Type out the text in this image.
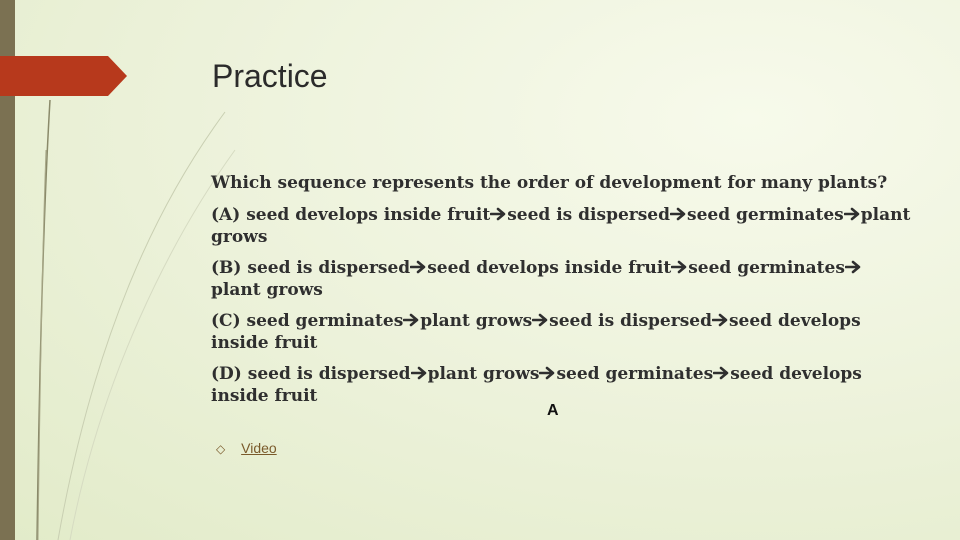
Practice

Which sequence represents the order of development for many plants?

(A) seed develops inside fruit seed is dispersed seed germinates plant grows

(B) seed is dispersed seed develops inside fruit seed germinatesplant grows

(C) seed germinates plant grows seed is dispersed seed develops inside fruit

(D) seed is dispersed plant grows seed germinates seed develops inside fruit

A
◇ Video
